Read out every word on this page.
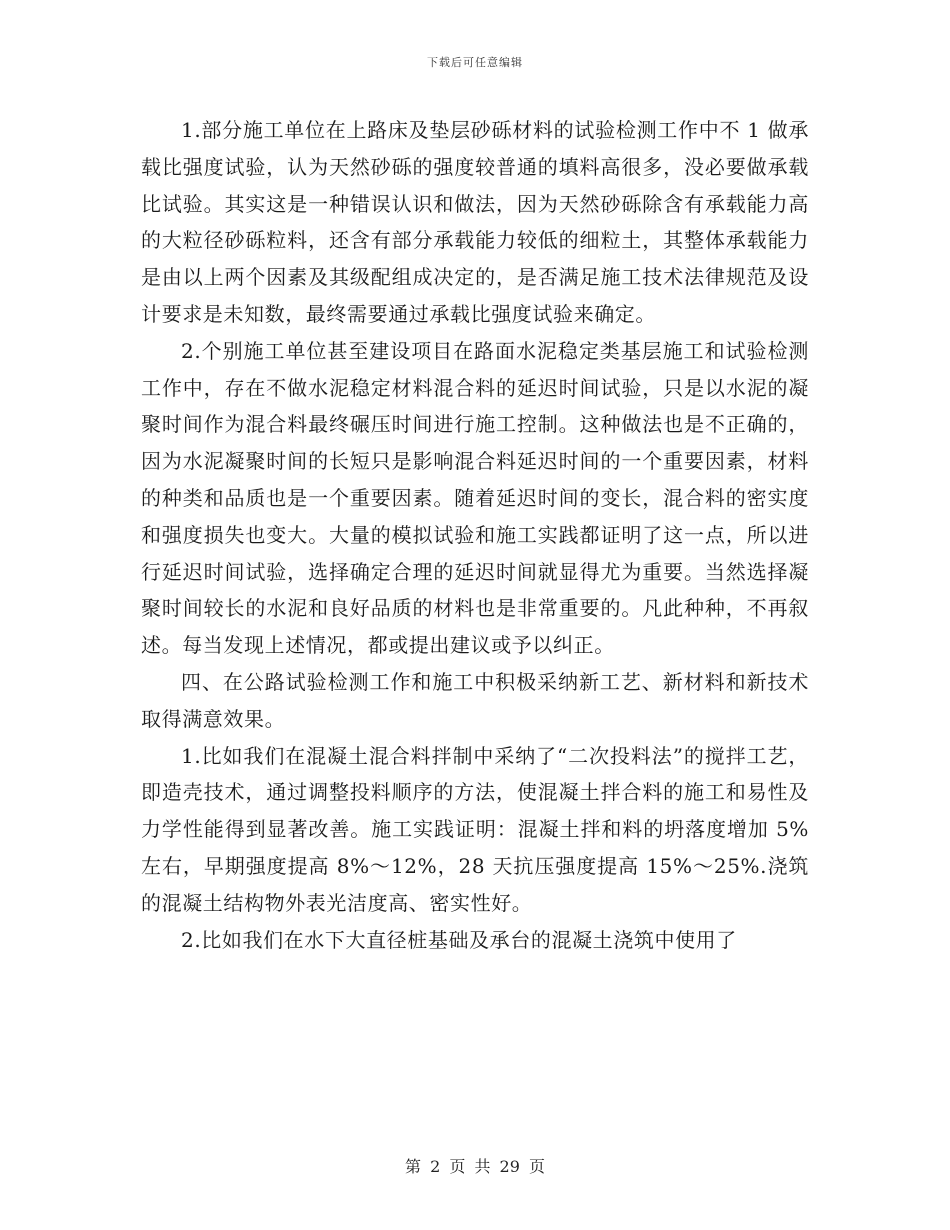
下载后可任意编辑

1.部分施工单位在上路床及垫层砂砾材料的试验检测工作中不 1 做承载比强度试验，认为天然砂砾的强度较普通的填料高很多，没必要做承载比试验。其实这是一种错误认识和做法，因为天然砂砾除含有承载能力高的大粒径砂砾粒料，还含有部分承载能力较低的细粒土，其整体承载能力是由以上两个因素及其级配组成决定的，是否满足施工技术法律规范及设计要求是未知数，最终需要通过承载比强度试验来确定。

2.个别施工单位甚至建设项目在路面水泥稳定类基层施工和试验检测工作中，存在不做水泥稳定材料混合料的延迟时间试验，只是以水泥的凝聚时间作为混合料最终碾压时间进行施工控制。这种做法也是不正确的，因为水泥凝聚时间的长短只是影响混合料延迟时间的一个重要因素，材料的种类和品质也是一个重要因素。随着延迟时间的变长，混合料的密实度和强度损失也变大。大量的模拟试验和施工实践都证明了这一点，所以进行延迟时间试验，选择确定合理的延迟时间就显得尤为重要。当然选择凝聚时间较长的水泥和良好品质的材料也是非常重要的。凡此种种，不再叙述。每当发现上述情况，都或提出建议或予以纠正。

四、在公路试验检测工作和施工中积极采纳新工艺、新材料和新技术取得满意效果。

1.比如我们在混凝土混合料拌制中采纳了“二次投料法”的搅拌工艺，即造壳技术，通过调整投料顺序的方法，使混凝土拌合料的施工和易性及力学性能得到显著改善。施工实践证明：混凝土拌和料的坍落度增加 5%左右，早期强度提高 8%～12%，28 天抗压强度提高 15%～25%.浇筑的混凝土结构物外表光洁度高、密实性好。

2.比如我们在水下大直径桩基础及承台的混凝土浇筑中使用了

第 2 页 共 29 页
